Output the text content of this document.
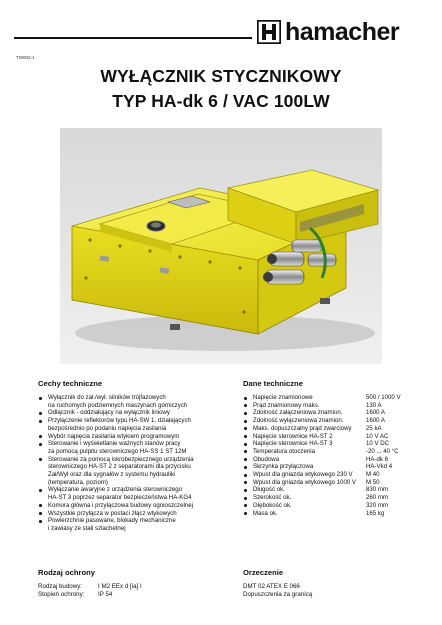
hamacher
TW002-1
WYŁĄCZNIK STYCZNIKOWY
TYP HA-dk 6 / VAC 100LW
Cechy techniczne
Wyłącznik do zał./wył. silników trójfazowych
na ruchomych podziemnych maszynach górniczych
Odłącznik - oddziałujący na wyłącznik liniowy
Przyłączenie reflektorów typu HA-SW 1, działających
bezpośrednio po podaniu napięcia zasilania
Wybór napięcia zasilania wtykiem programowym
Sterowanie i wyświetlanie ważnych stanów pracy
za pomocą pulpitu sterowniczego HA-SS 1 ST 12M
Sterowanie za pomocą iskrobezpiecznego urządzenia
sterowniczego HA-ST 2 z separatorami dla przycisku
Zał/Wył oraz dla sygnałów z systemu hydrauliki
(temperatura, poziom)
Wyłączanie awaryjne z urządzenia sterowniczego
HA-ST 3 poprzez separator bezpieczeństwa HA-KG4
Komora główna i przyłączowa budowy ognioszczelnej
Wszystkie przyłącza w postaci złącz wtykowych
Powierzchnie pasowane, blokady mechaniczne
i zawiasy ze stali szlachetnej
Dane techniczne
Napięcie znamionowe	500 / 1000 V
Prąd znamionowy maks.	130 A
Zdolność załączeniowa znamion.	1600 A
Zdolność wyłączeniowa znamion.	1600 A
Maks. dopuszczalny prąd zwarciowy	25 kA
Napięcie sterownice HA-ST 2	10 V AC
Napięcie sterownice HA-ST 3	10 V DC
Temperatura otoczenia	-20 ... 40 °C
Obudowa	HA-dk 6
Skrzynka przyłączowa	HA-Vkd 4
Wpust dla gniazda wtykowego 230 V	M 40
Wpust dla gniazda wtykowego 1000 V	M 50
Długość ok.	830 mm
Szerokość ok.	260 mm
Głębokość ok.	320 mm
Masa ok.	165 kg
Rodzaj ochrony
Rodzaj budowy:	I M2 EEx d [ia] I
Stopień ochrony:	IP 54
Orzeczenie
DMT 02 ATEX E 066
Dopuszczenia za granicą
